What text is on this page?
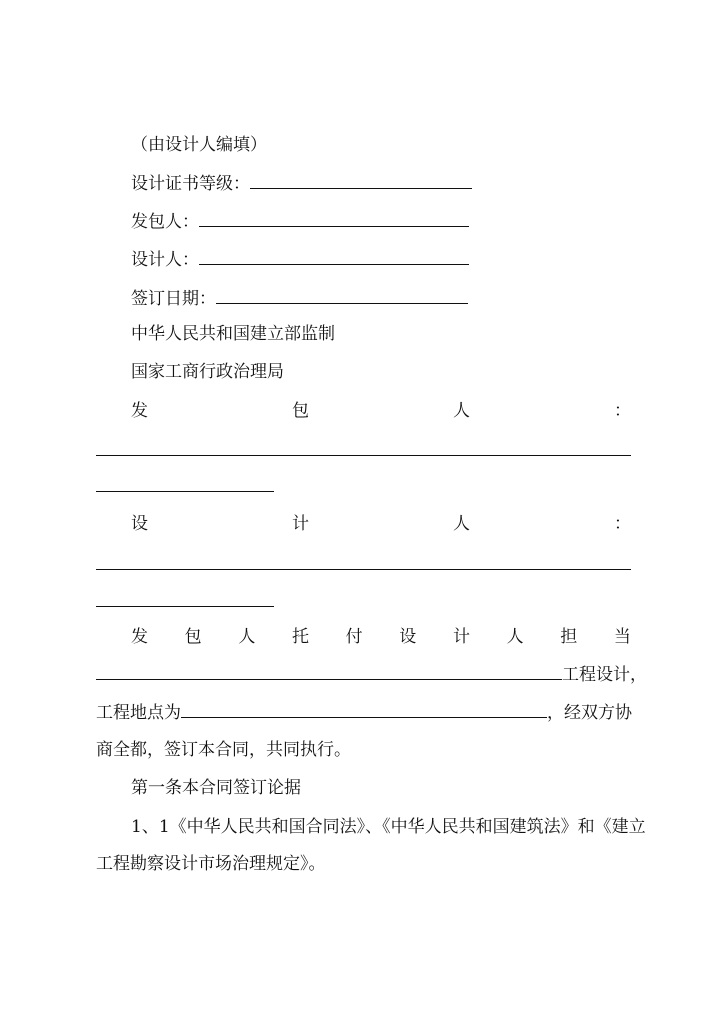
（由设计人编填）
设计证书等级：
发包人：
设计人：
签订日期：
中华人民共和国建立部监制
国家工商行政治理局
发	包	人	：
设	计	人	：
发 包 人 托 付 设 计 人 担 当
工程设计，
工程地点为	，经双方协
商全都，签订本合同，共同执行。
第一条本合同签订论据
1、1《中华人民共和国合同法》、《中华人民共和国建筑法》和《建立
工程勘察设计市场治理规定》。
